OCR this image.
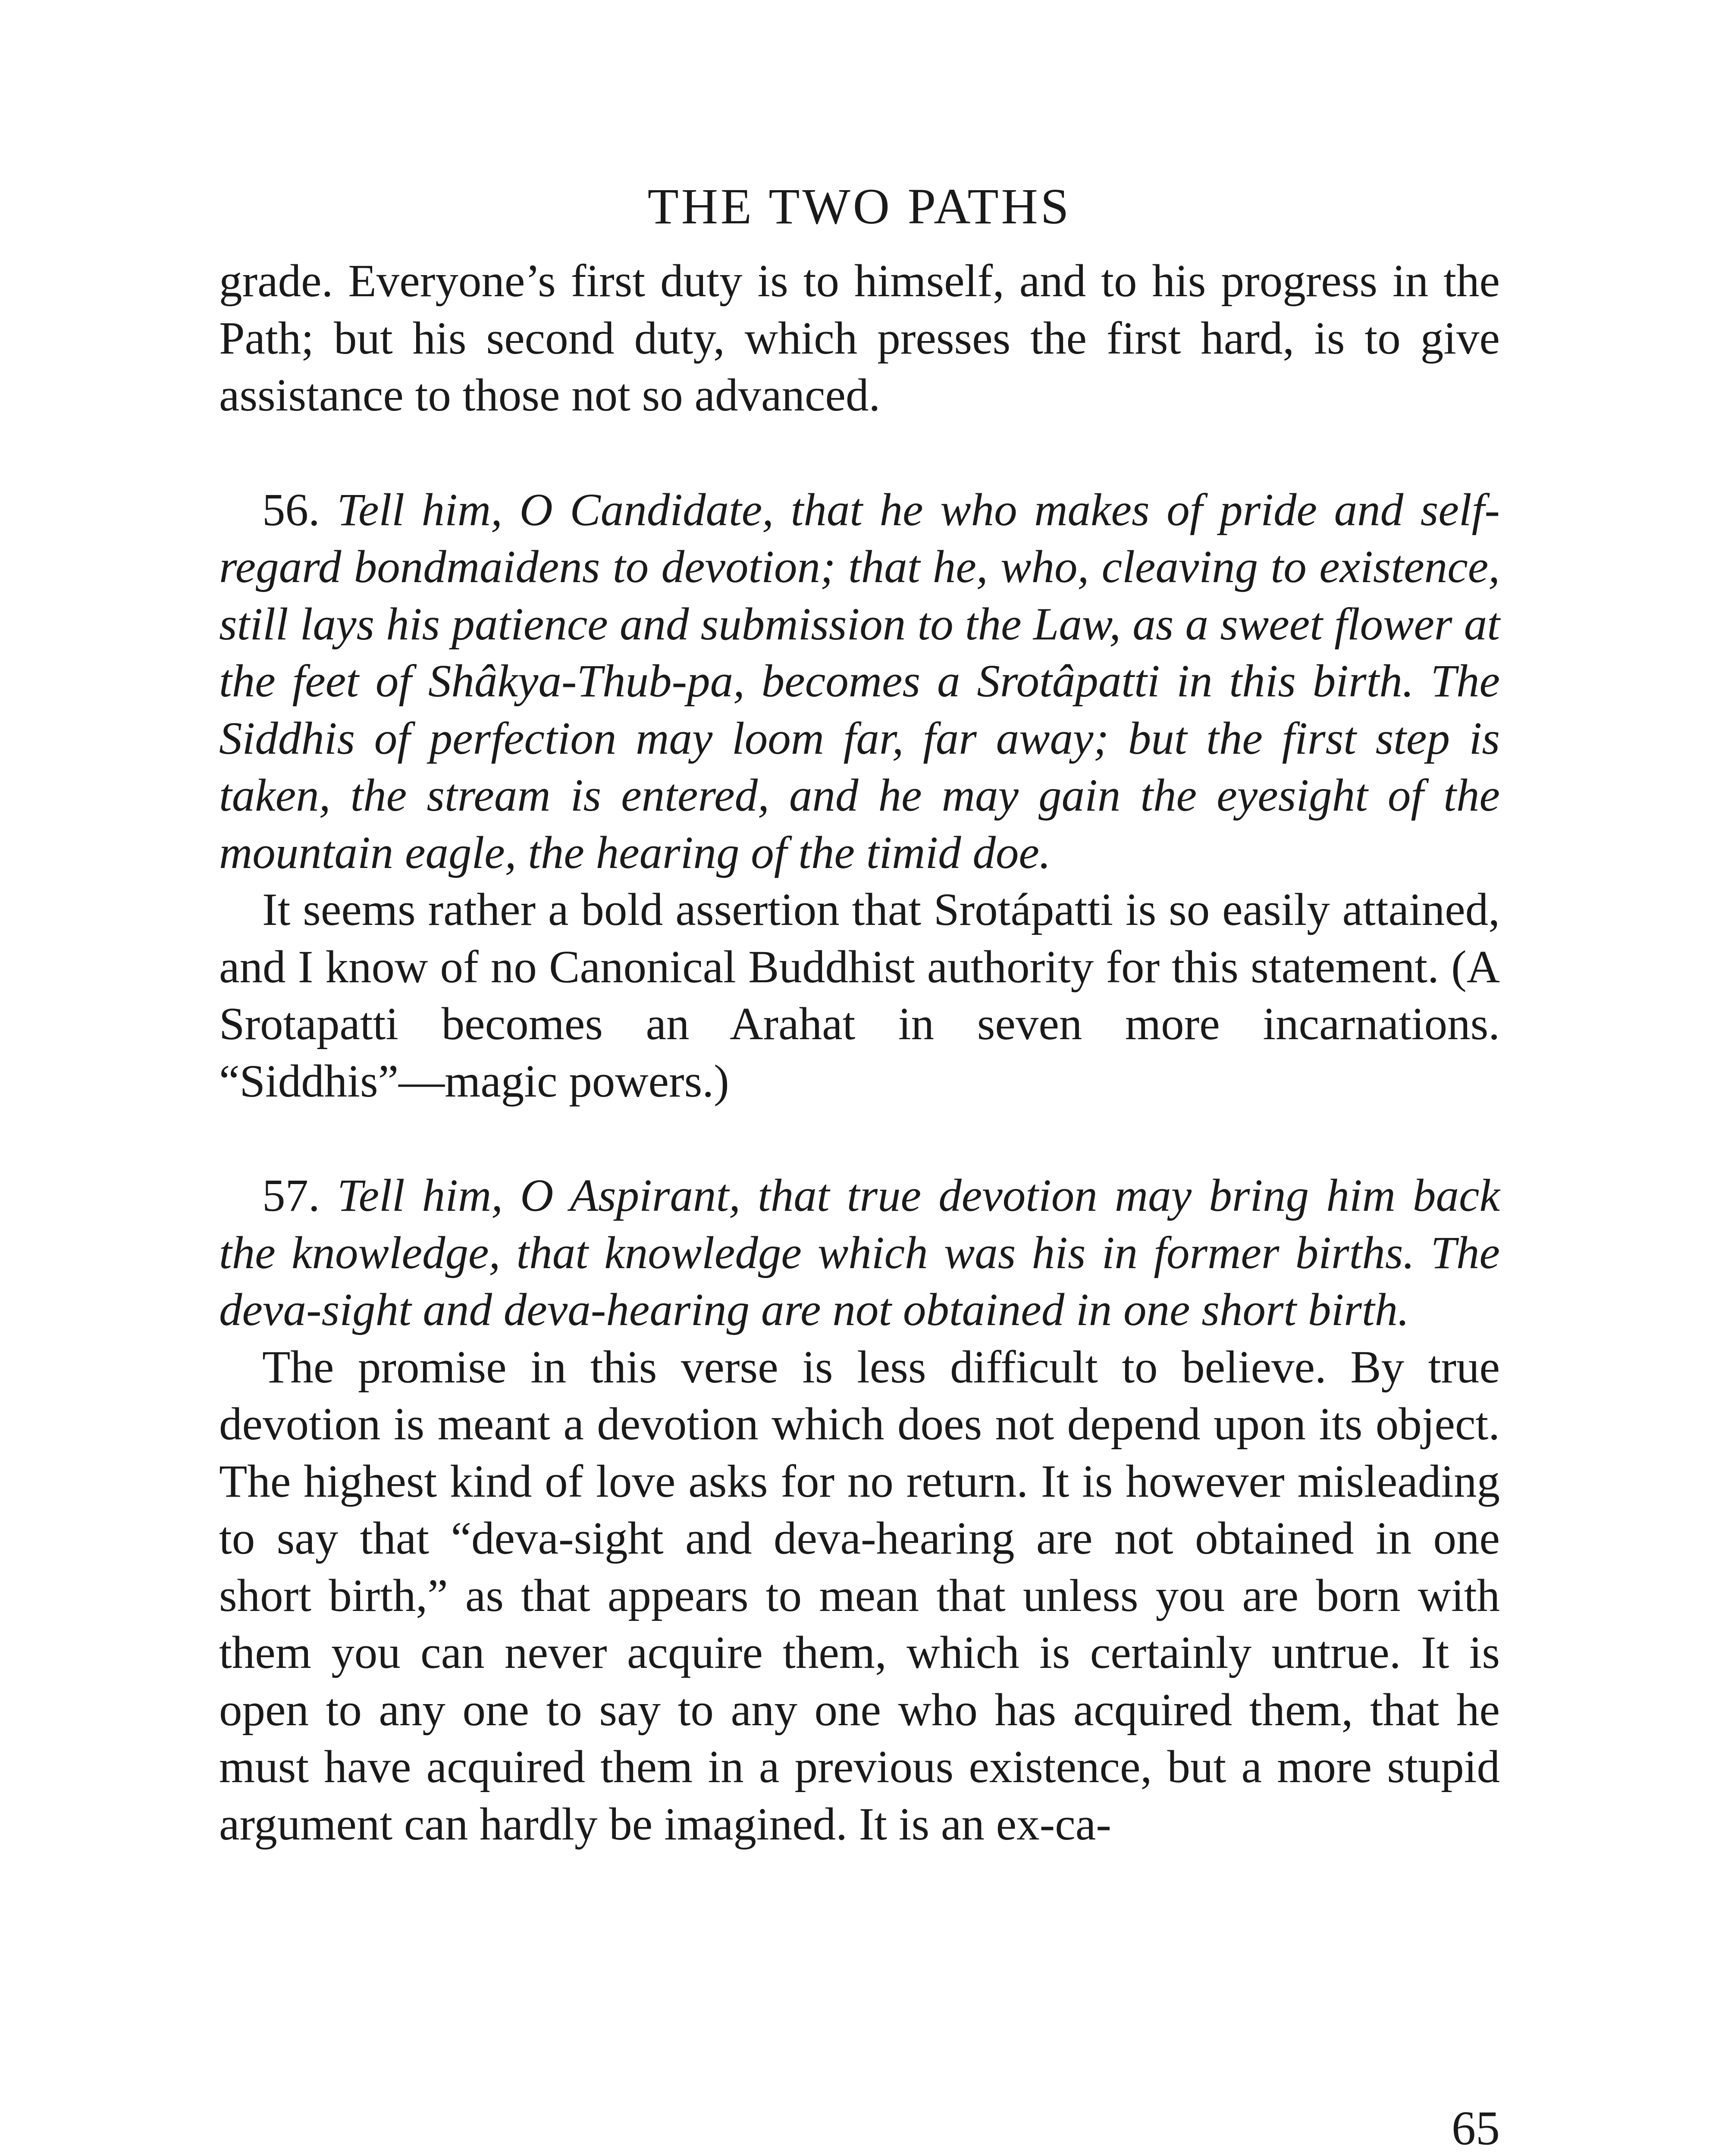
THE TWO PATHS

grade. Everyone’s first duty is to himself, and to his progress in the Path; but his second duty, which presses the first hard, is to give assistance to those not so advanced.

56. Tell him, O Candidate, that he who makes of pride and self-regard bondmaidens to devotion; that he, who, cleaving to existence, still lays his patience and submission to the Law, as a sweet flower at the feet of Shâkya-Thub-pa, becomes a Srotâpatti in this birth. The Siddhis of perfection may loom far, far away; but the first step is taken, the stream is entered, and he may gain the eyesight of the mountain eagle, the hearing of the timid doe.

It seems rather a bold assertion that Srotápatti is so easily attained, and I know of no Canonical Buddhist authority for this statement. (A Srotapatti becomes an Arahat in seven more incarnations. “Siddhis”—magic powers.)

57. Tell him, O Aspirant, that true devotion may bring him back the knowledge, that knowledge which was his in former births. The deva-sight and deva-hearing are not obtained in one short birth.

The promise in this verse is less difficult to believe. By true devotion is meant a devotion which does not depend upon its object. The highest kind of love asks for no return. It is however misleading to say that “deva-sight and deva-hearing are not obtained in one short birth,” as that appears to mean that unless you are born with them you can never acquire them, which is certainly untrue. It is open to any one to say to any one who has acquired them, that he must have acquired them in a previous existence, but a more stupid argument can hardly be imagined. It is an ex-ca-

65
